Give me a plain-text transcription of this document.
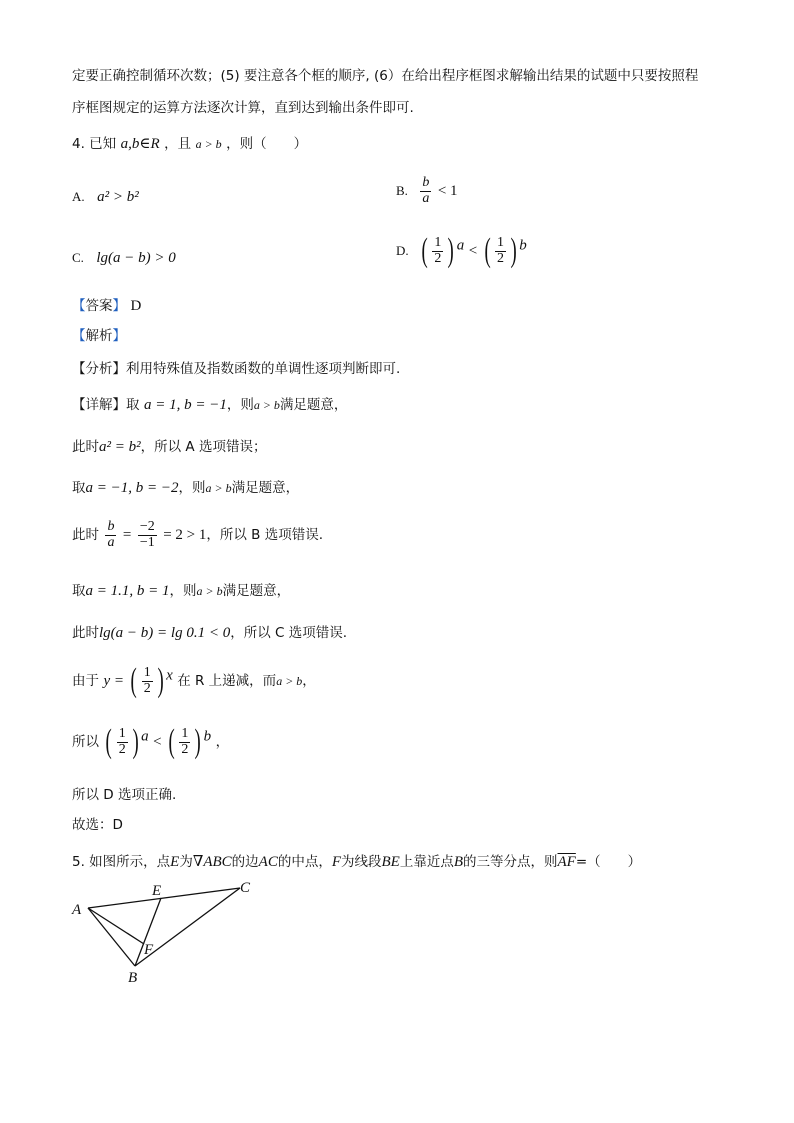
定要正确控制循环次数；(5) 要注意各个框的顺序, (6）在给出程序框图求解输出结果的试题中只要按照程
序框图规定的运算方法逐次计算，直到达到输出条件即可.
4. 已知 a,b∈R ，且 a > b ，则（　　）
A. a² > b²	B. $\frac{b}{a} < 1$
C. lg(a − b) > 0	D. ( $\frac{1}{2}$ ) $^a$ < ( $\frac{1}{2}$ ) $^b$
【答案】 D
【解析】
【分析】利用特殊值及指数函数的单调性逐项判断即可.
【详解】取 a = 1, b = −1，则a > b满足题意，
此时a² = b²，所以 A 选项错误；
取a = −1, b = −2，则a > b满足题意，
此时 $\frac{b}{a} = \frac{-2}{-1} = 2 > 1$，所以 B 选项错误.
取a = 1.1, b = 1，则a > b满足题意，
此时lg(a − b) = lg 0.1 < 0，所以 C 选项错误.
由于 y = ( $\frac{1}{2}$ ) $^x$ 在 R 上递减，而a > b，
所以 ( $\frac{1}{2}$ ) $^a$ < ( $\frac{1}{2}$ ) $^b$ ，
所以 D 选项正确.
故选：D
5. 如图所示，点E为∇ABC的边AC的中点，F为线段BE上靠近点B的三等分点，则$\overline{AF}=$（　　）
A
E	C
F
B
